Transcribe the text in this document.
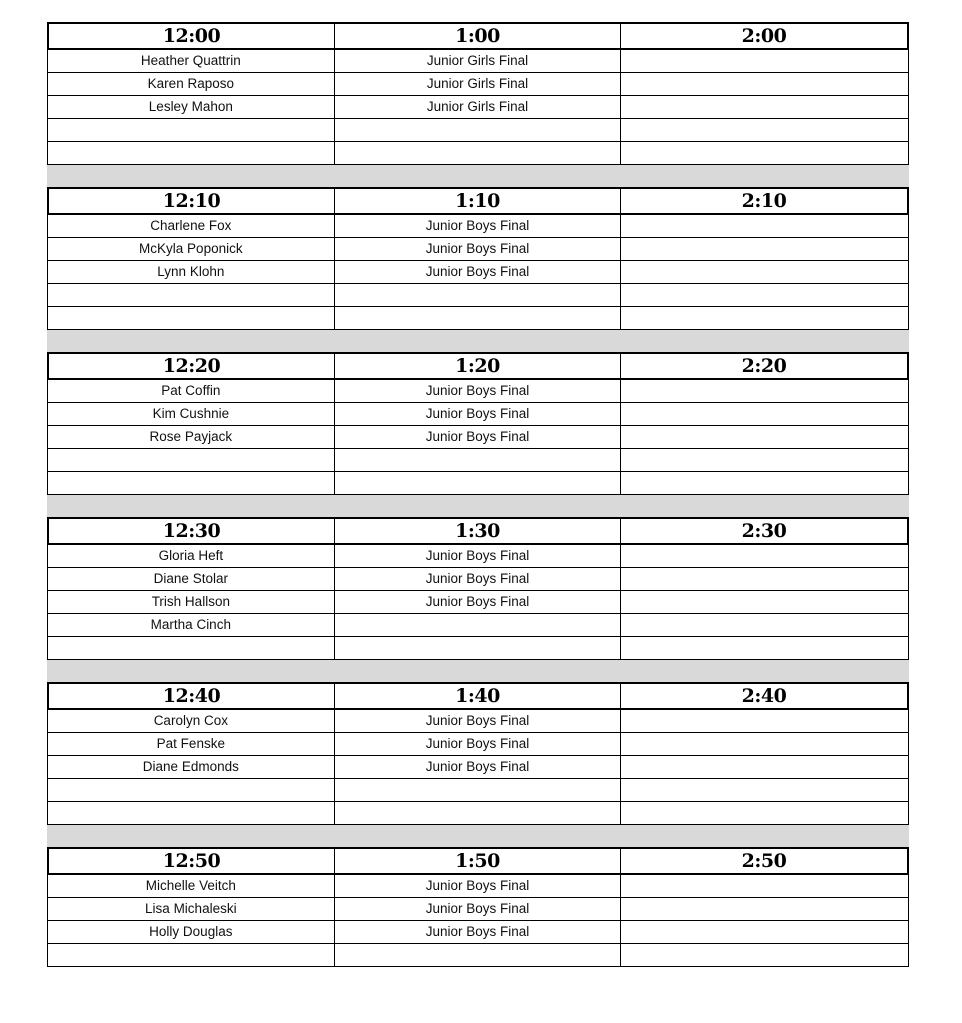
12:00	1:00	2:00
Heather Quattrin	Junior Girls Final
Karen Raposo	Junior Girls Final
Lesley Mahon	Junior Girls Final
12:10	1:10	2:10
Charlene Fox	Junior Boys Final
McKyla Poponick	Junior Boys Final
Lynn Klohn	Junior Boys Final
12:20	1:20	2:20
Pat Coffin	Junior Boys Final
Kim Cushnie	Junior Boys Final
Rose Payjack	Junior Boys Final
12:30	1:30	2:30
Gloria Heft	Junior Boys Final
Diane Stolar	Junior Boys Final
Trish Hallson	Junior Boys Final
Martha Cinch
12:40	1:40	2:40
Carolyn Cox	Junior Boys Final
Pat Fenske	Junior Boys Final
Diane Edmonds	Junior Boys Final
12:50	1:50	2:50
Michelle Veitch	Junior Boys Final
Lisa Michaleski	Junior Boys Final
Holly Douglas	Junior Boys Final
